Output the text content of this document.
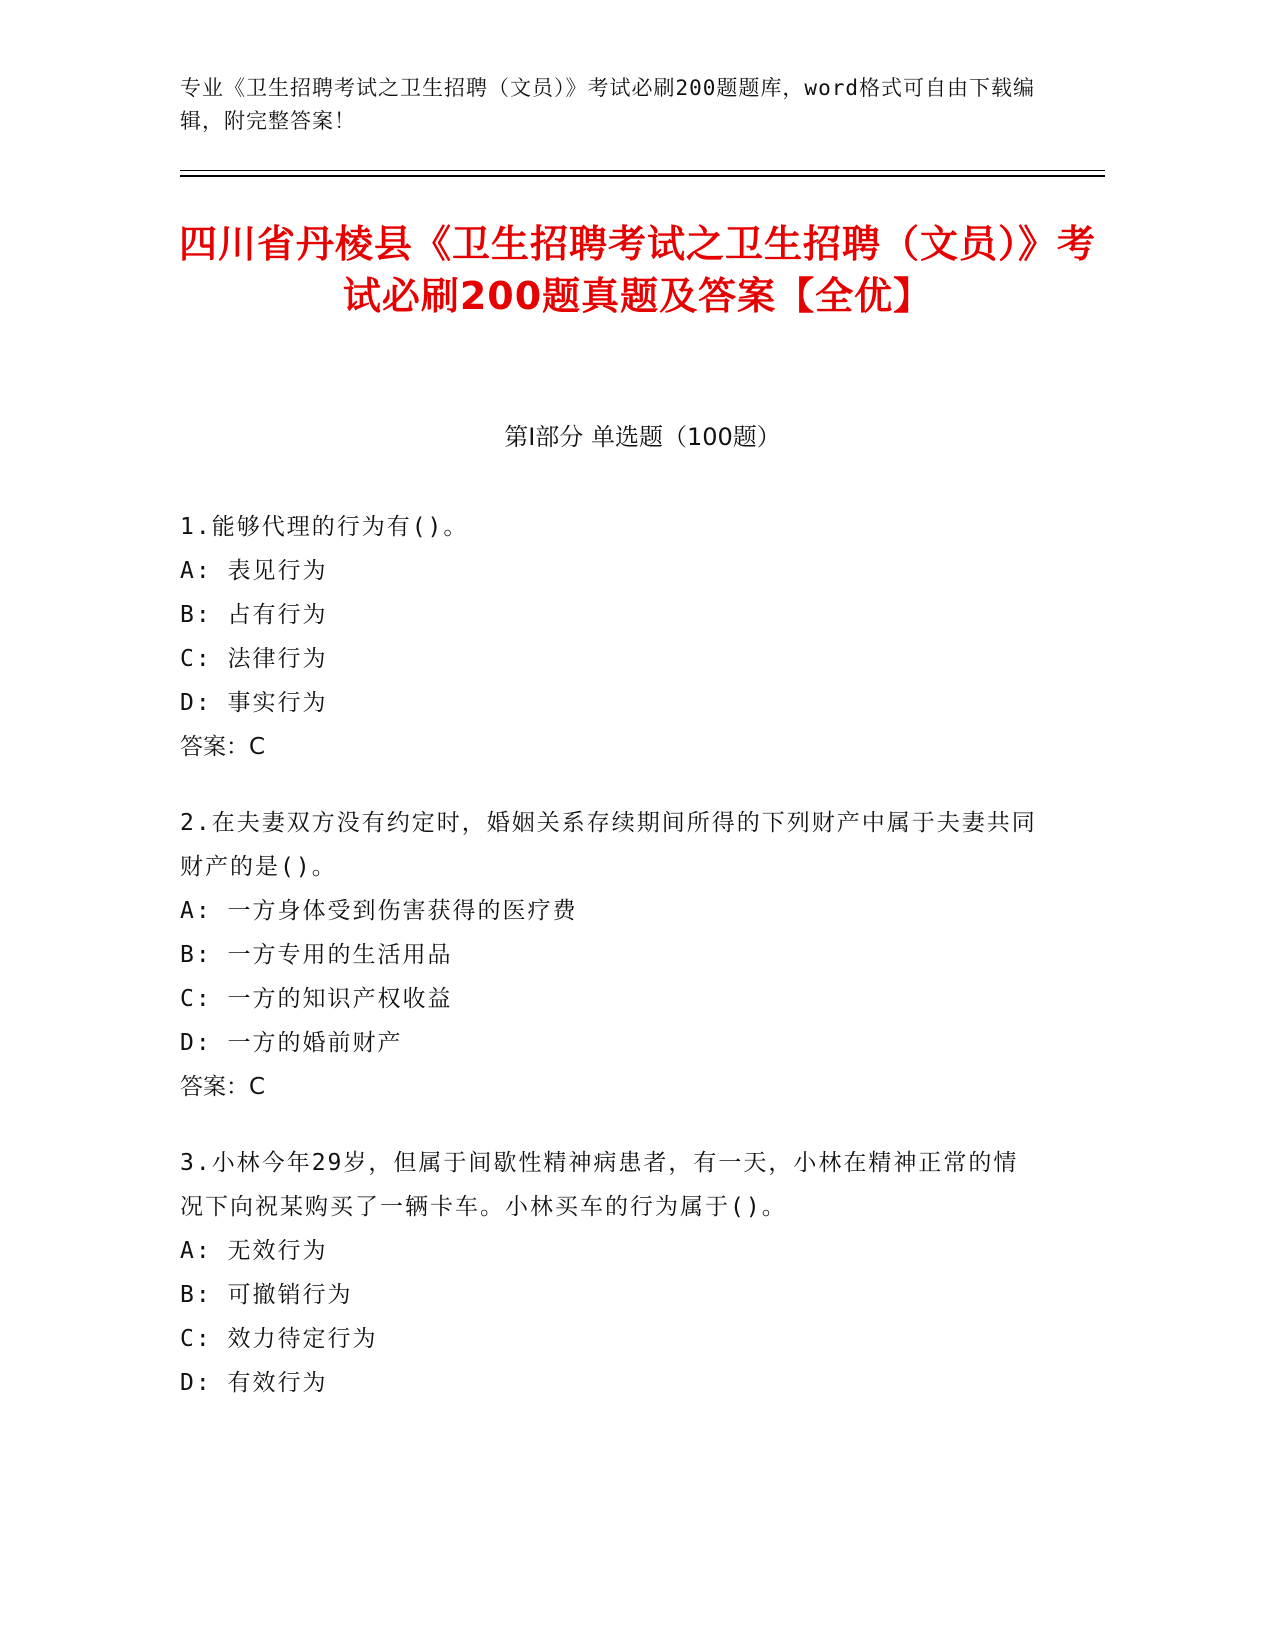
专业《卫生招聘考试之卫生招聘（文员）》考试必刷200题题库，word格式可自由下载编辑，附完整答案！
四川省丹棱县《卫生招聘考试之卫生招聘（文员）》考试必刷200题真题及答案【全优】
第I部分 单选题（100题）

1.能够代理的行为有()。

A: 表见行为

B: 占有行为

C: 法律行为

D: 事实行为

答案：C

2.在夫妻双方没有约定时，婚姻关系存续期间所得的下列财产中属于夫妻共同财产的是()。

A: 一方身体受到伤害获得的医疗费

B: 一方专用的生活用品

C: 一方的知识产权收益

D: 一方的婚前财产

答案：C

3.小林今年29岁，但属于间歇性精神病患者，有一天，小林在精神正常的情况下向祝某购买了一辆卡车。小林买车的行为属于()。

A: 无效行为

B: 可撤销行为

C: 效力待定行为

D: 有效行为
